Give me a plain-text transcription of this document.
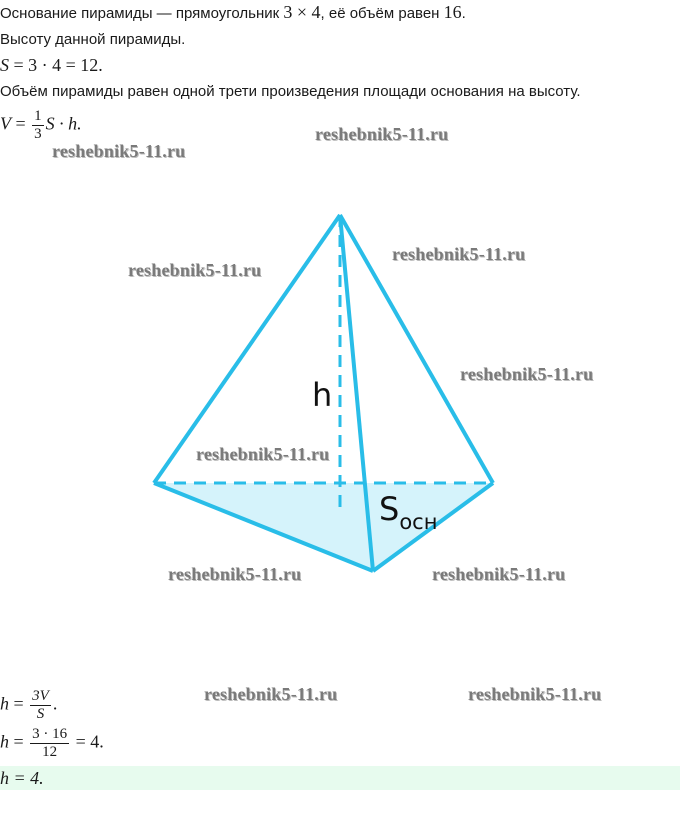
Основание пирамиды — прямоугольник 3 × 4, её объём равен 16.
Высоту данной пирамиды.
S = 3 · 4 = 12.
Объём пирамиды равен одной трети произведения площади основания на высоту.
$V = \frac{1}{3}$ S · h.
h
$S_{осн}$
reshebnik5-11.ru
reshebnik5-11.ru
reshebnik5-11.ru
reshebnik5-11.ru
reshebnik5-11.ru
reshebnik5-11.ru
reshebnik5-11.ru	reshebnik5-11.ru
reshebnik5-11.ru	reshebnik5-11.ru
$h = \frac{3V}{S}$ .
$h = \frac{3 \cdot 16}{12} = 4$.
h = 4.
